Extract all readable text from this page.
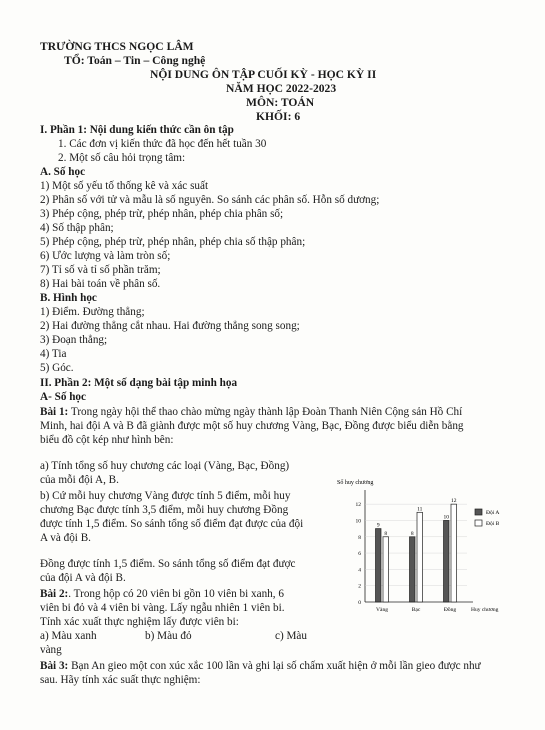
TRƯỜNG THCS NGỌC LÂM
TỔ: Toán – Tin – Công nghệ
NỘI DUNG ÔN TẬP CUỐI KỲ - HỌC KỲ II
NĂM HỌC 2022-2023
MÔN: TOÁN
KHỐI: 6
I. Phần 1: Nội dung kiến thức cần ôn tập
1. Các đơn vị kiến thức đã học đến hết tuần 30
2. Một số câu hỏi trọng tâm:
A. Số học
1) Một số yếu tố thống kê và xác suất
2) Phân số với tử và mẫu là số nguyên. So sánh các phân số. Hỗn số dương;
3) Phép cộng, phép trừ, phép nhân, phép chia phân số;
4) Số thập phân;
5) Phép cộng, phép trừ, phép nhân, phép chia số thập phân;
6) Ước lượng và làm tròn số;
7) Tỉ số và tỉ số phần trăm;
8) Hai bài toán về phân số.
B. Hình học
1) Điểm. Đường thẳng;
2) Hai đường thẳng cắt nhau. Hai đường thẳng song song;
3) Đoạn thẳng;
4) Tia
5) Góc.
II. Phần 2: Một số dạng bài tập minh họa
A- Số học
Bài 1: Trong ngày hội thể thao chào mừng ngày thành lập Đoàn Thanh Niên Cộng sản Hồ Chí
Minh, hai đội A và B đã giành được một số huy chương Vàng, Bạc, Đồng được biểu diễn bằng
biểu đồ cột kép như hình bên:
a) Tính tổng số huy chương các loại (Vàng, Bạc, Đồng)
của mỗi đội A, B.
b) Cứ mỗi huy chương Vàng được tính 5 điểm, mỗi huy
chương Bạc được tính 3,5 điểm, mỗi huy chương Đồng
được tính 1,5 điểm. So sánh tổng số điểm đạt được của đội
A và đội B.
Đồng được tính 1,5 điểm. So sánh tổng số điểm đạt được
của đội A và đội B.
Bài 2:. Trong hộp có 20 viên bi gồn 10 viên bi xanh, 6
viên bi đỏ và 4 viên bi vàng. Lấy ngẫu nhiên 1 viên bi.
Tính xác xuất thực nghiệm lấy được viên bi:
a) Màu xanh	b) Màu đỏ	c) Màu
vàng
Bài 3: Bạn An gieo một con xúc xắc 100 lần và ghi lại số chấm xuất hiện ở mỗi lần gieo được như
sau. Hãy tính xác suất thực nghiệm:
Số huy chương
0
2
4
6
8
10
12
9
8
Vàng
8
11
Bạc
10
12
Đồng	Huy chương
Đội A
Đội B
